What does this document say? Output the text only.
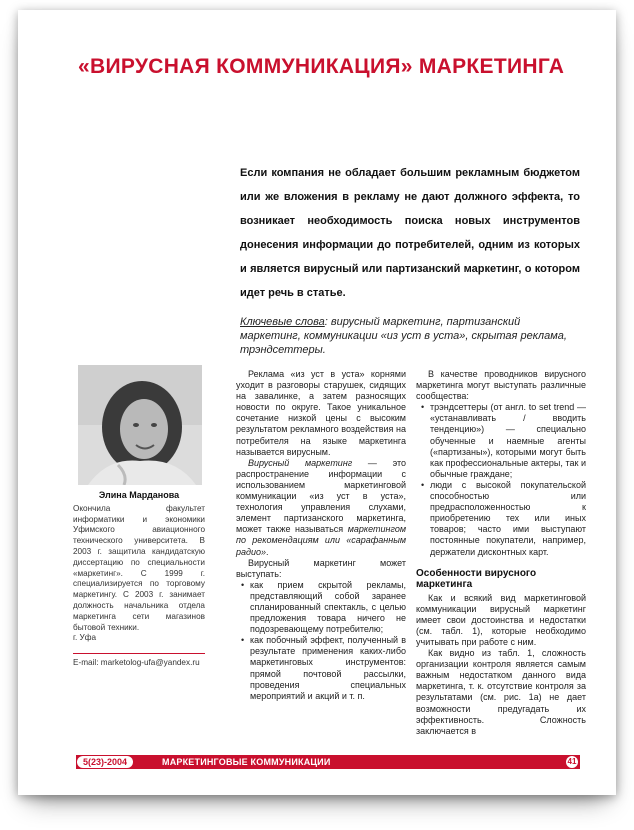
«ВИРУСНАЯ КОММУНИКАЦИЯ» МАРКЕТИНГА
Если компания не обладает большим рекламным бюджетом или же вложения в рекламу не дают должного эффекта, то возникает необходимость поиска новых инструментов донесения информации до потребителей, одним из которых и является вирусный или партизанский маркетинг, о котором идет речь в статье.
Ключевые слова: вирусный маркетинг, партизанский маркетинг, коммуникации «из уст в уста», скрытая реклама, трэндсеттеры.
Элина Марданова
Окончила факультет информатики и экономики Уфимского авиационного технического университета. В 2003 г. защитила кандидатскую диссертацию по специальности «маркетинг». С 1999 г. специализируется по торговому маркетингу. С 2003 г. занимает должность начальника отдела маркетинга сети магазинов бытовой техники.
г. Уфа
E-mail: marketolog-ufa@yandex.ru

Реклама «из уст в уста» корнями уходит в разговоры старушек, сидящих на завалинке, а затем разносящих новости по округе. Такое уникальное сочетание низкой цены с высоким результатом рекламного воздействия на потребителя на языке маркетинга называется вирусным.

Вирусный маркетинг — это распространение информации с использованием маркетинговой коммуникации «из уст в уста», технология управления слухами, элемент партизанского маркетинга, может также называться маркетингом по рекомендациям или «сарафанным радио».

Вирусный маркетинг может выступать:

• как прием скрытой рекламы, представляющий собой заранее спланированный спектакль, с целью предложения товара ничего не подозревающему потребителю;
• как побочный эффект, полученный в результате применения каких-либо маркетинговых инструментов: прямой почтовой рассылки, проведения специальных мероприятий и акций и т. п.

В качестве проводников вирусного маркетинга могут выступать различные сообщества:

• трэндсеттеры (от англ. to set trend — «устанавливать / вводить тенденцию») — специально обученные и наемные агенты («партизаны»), которыми могут быть как профессиональные актеры, так и обычные граждане;
• люди с высокой покупательской способностью или предрасположенностью к приобретению тех или иных товаров; часто ими выступают постоянные покупатели, например, держатели дисконтных карт.
Особенности вирусного маркетинга

Как и всякий вид маркетинговой коммуникации вирусный маркетинг имеет свои достоинства и недостатки (см. табл. 1), которые необходимо учитывать при работе с ним.

Как видно из табл. 1, сложность организации контроля является самым важным недостатком данного вида маркетинга, т. к. отсутствие контроля за результатами (см. рис. 1а) не дает возможности предугадать их эффективность. Сложность заключается в

5(23)-2004	МАРКЕТИНГОВЫЕ КОММУНИКАЦИИ	41
